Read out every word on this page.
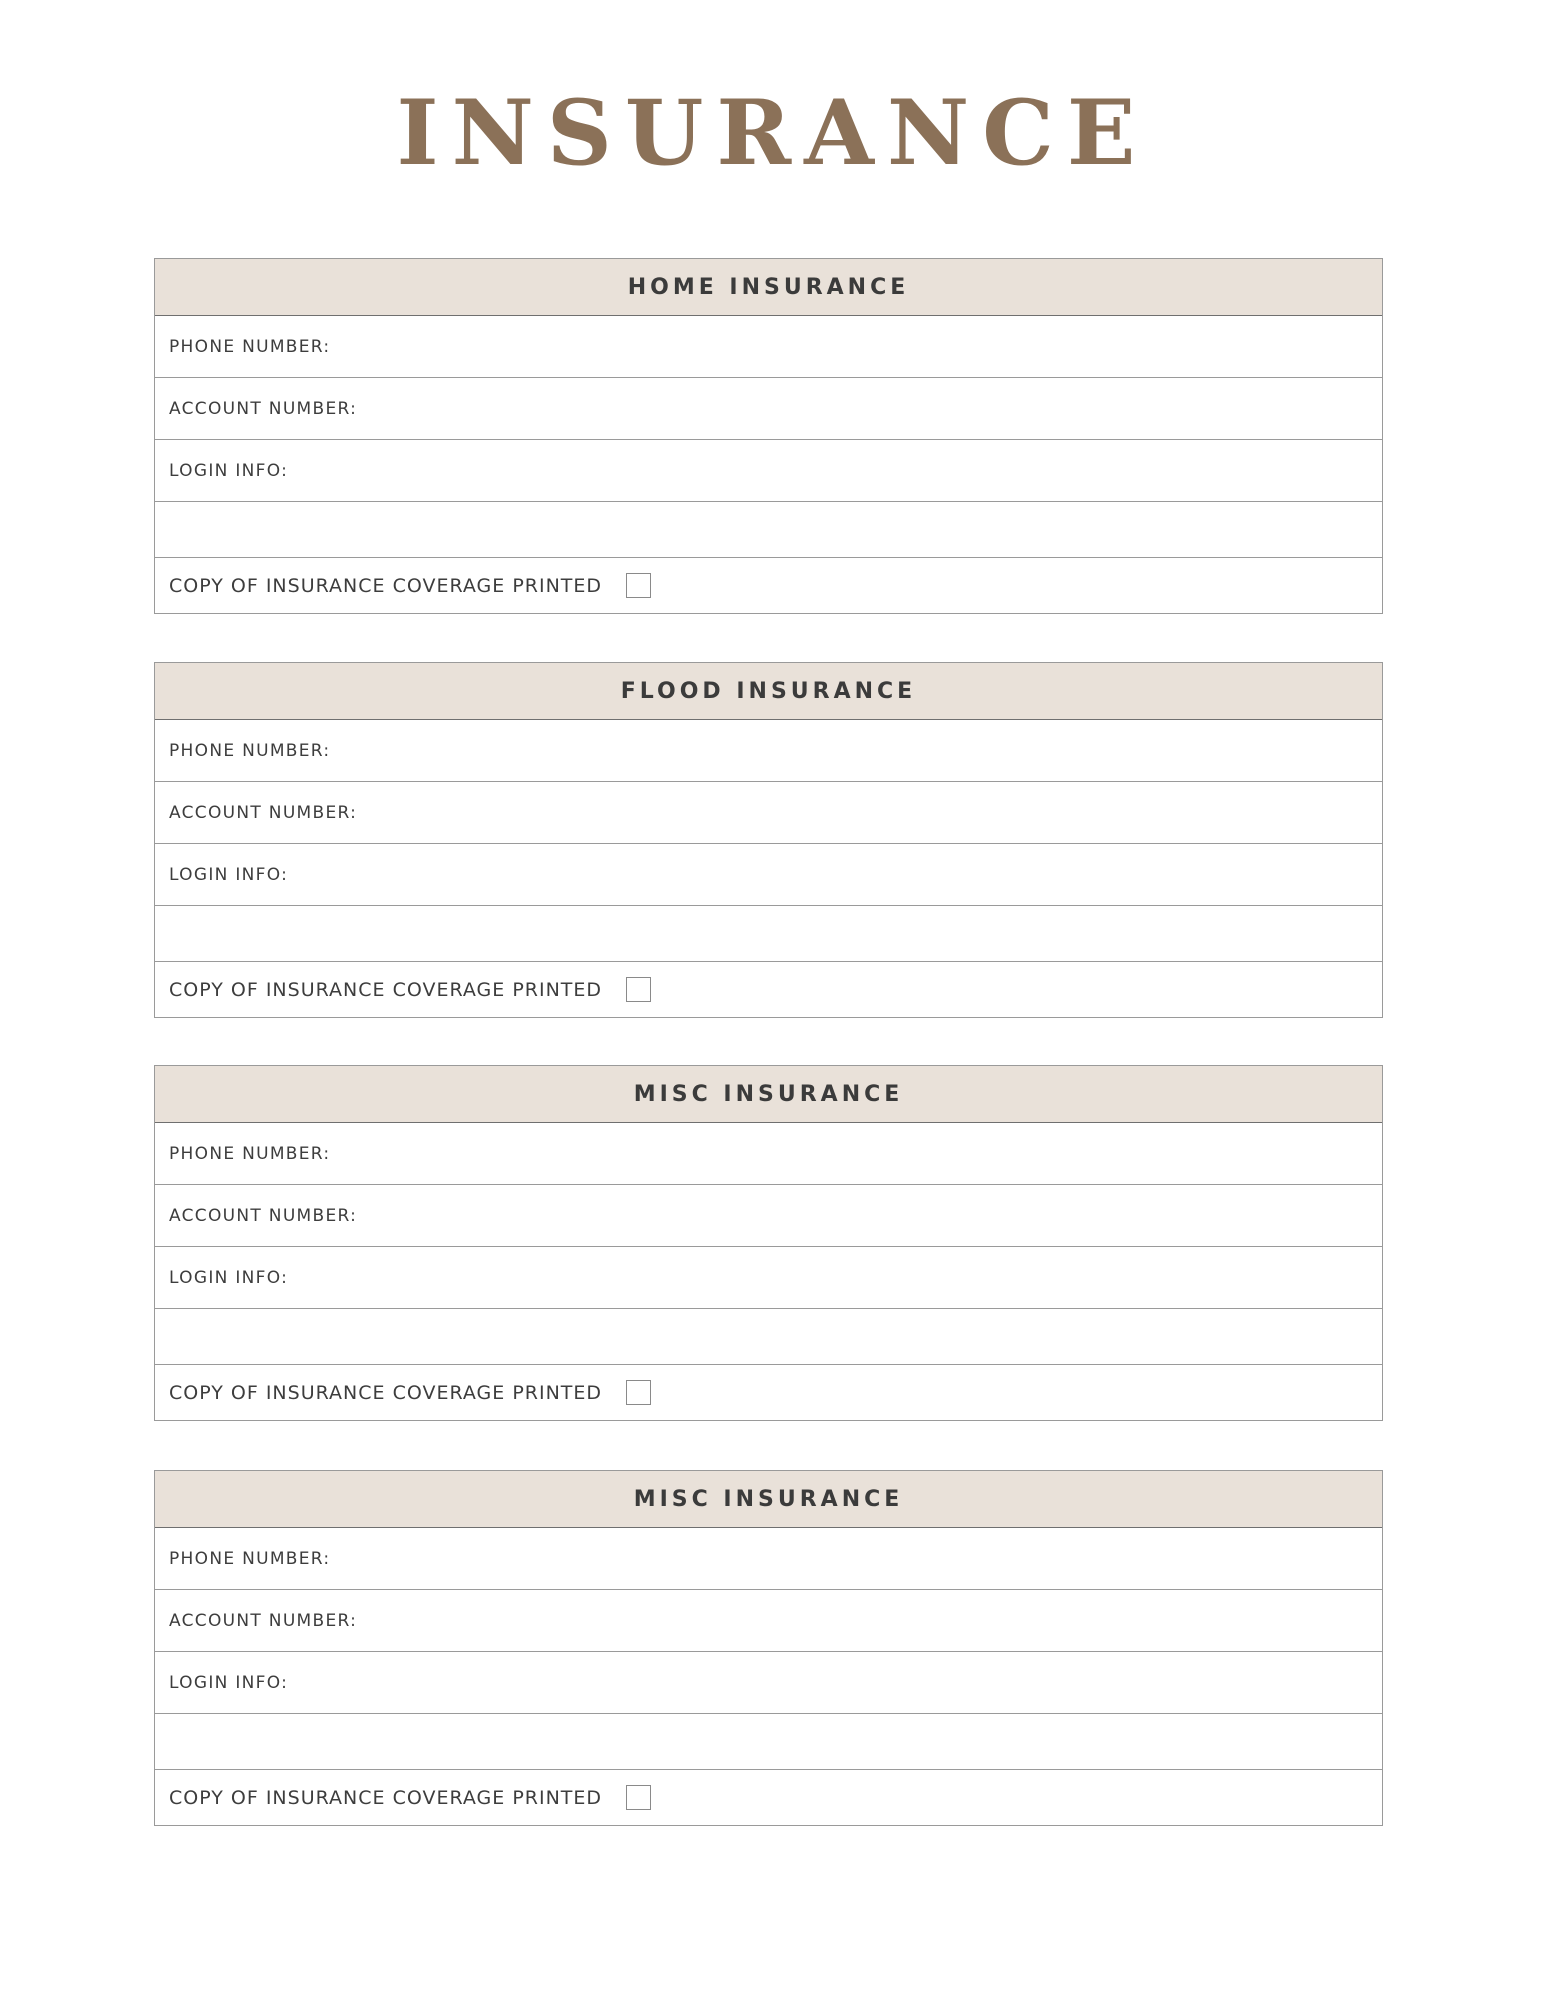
INSURANCE
HOME INSURANCE
PHONE NUMBER:
ACCOUNT NUMBER:
LOGIN INFO:
COPY OF INSURANCE COVERAGE PRINTED
FLOOD INSURANCE
PHONE NUMBER:
ACCOUNT NUMBER:
LOGIN INFO:
COPY OF INSURANCE COVERAGE PRINTED
MISC INSURANCE
PHONE NUMBER:
ACCOUNT NUMBER:
LOGIN INFO:
COPY OF INSURANCE COVERAGE PRINTED
MISC INSURANCE
PHONE NUMBER:
ACCOUNT NUMBER:
LOGIN INFO:
COPY OF INSURANCE COVERAGE PRINTED
